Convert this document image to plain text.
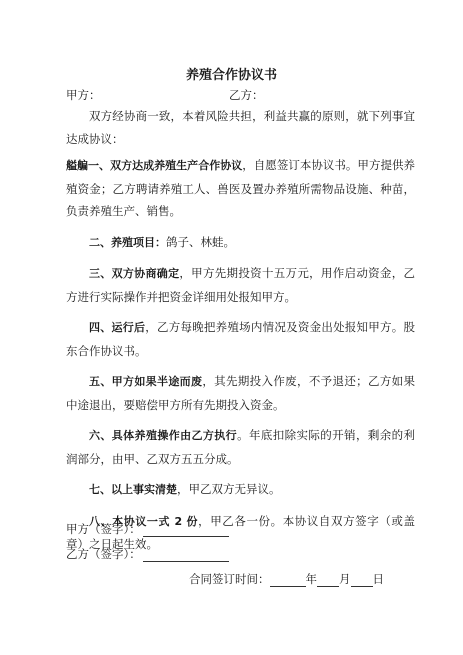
养殖合作协议书
甲方：	乙方：

双方经协商一致，本着风险共担，利益共赢的原则，就下列事宜达成协议：

艗艑一、双方达成养殖生产合作协议，自愿签订本协议书。甲方提供养殖资金；乙方聘请养殖工人、兽医及置办养殖所需物品设施、种苗，负责养殖生产、销售。

二、养殖项目：鸽子、林蛙。

三、双方协商确定，甲方先期投资十五万元，用作启动资金，乙方进行实际操作并把资金详细用处报知甲方。

四、运行后，乙方每晚把养殖场内情况及资金出处报知甲方。股东合作协议书。

五、甲方如果半途而废，其先期投入作废，不予退还；乙方如果中途退出，要赔偿甲方所有先期投入资金。

六、具体养殖操作由乙方执行。年底扣除实际的开销，剩余的利润部分，由甲、乙双方五五分成。

七、以上事实清楚，甲乙双方无异议。

八、本协议一式 2 份，甲乙各一份。本协议自双方签字（或盖章）之日起生效。

甲方（签字）：
乙方（签字）：
合同签订时间：	年 月 日
